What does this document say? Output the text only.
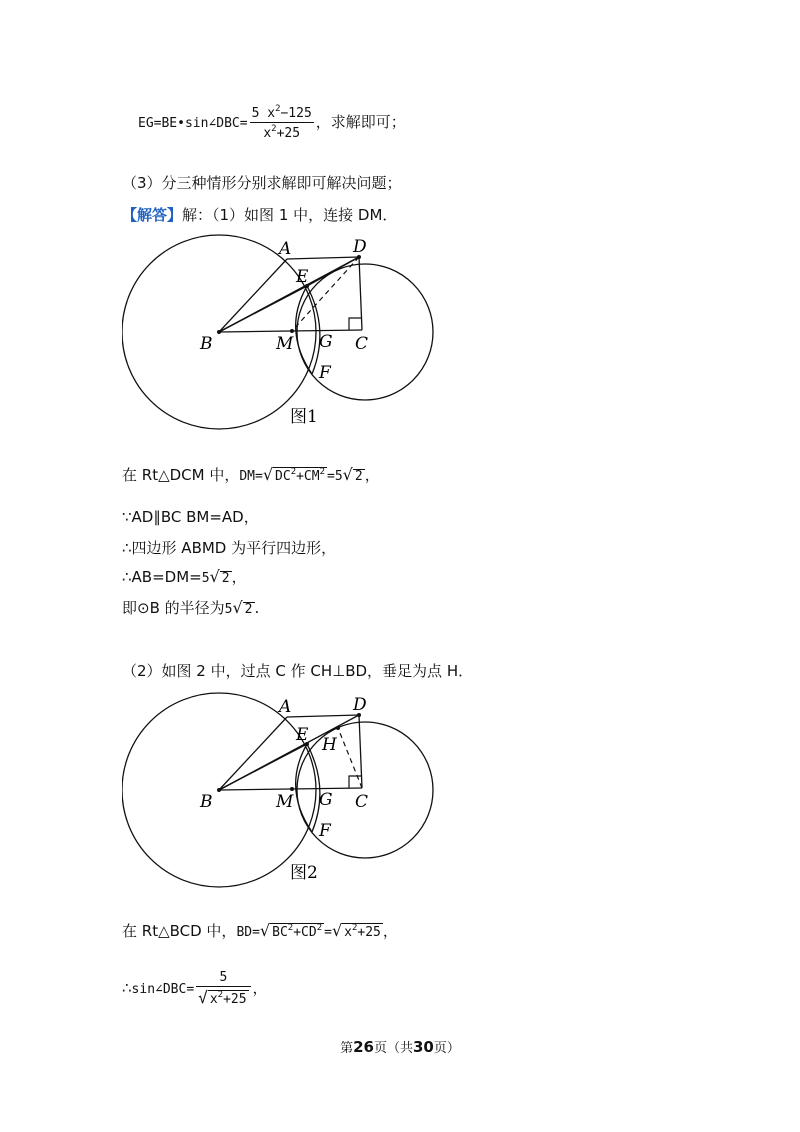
EG=BE•sin∠DBC= $\frac{5 x^2-125}{x^2+25}$ ，求解即可；
（3）分三种情形分别求解即可解决问题；
【解答】解：（1）如图 1 中，连接 DM．
A	D
E
B	M G C
F
图1
在 Rt△DCM 中，DM=√ $DC^2+CM^2 =5√$ 2 ，
∵AD∥BC BM=AD，
∴四边形 ABMD 为平行四边形，
∴AB=DM=5√ 2 ，
即⊙B 的半径为5√ 2 .
（2）如图 2 中，过点 C 作 CH⊥BD，垂足为点 H．
A	D
E H
B	M G C
F
图2
在 Rt△BCD 中，BD=√ $BC^2+CD^2$ =√ $x^2+25$ ，
∴sin∠DBC= $\frac{5}{√ x^2+25}$ ，
第26页（共30页）
